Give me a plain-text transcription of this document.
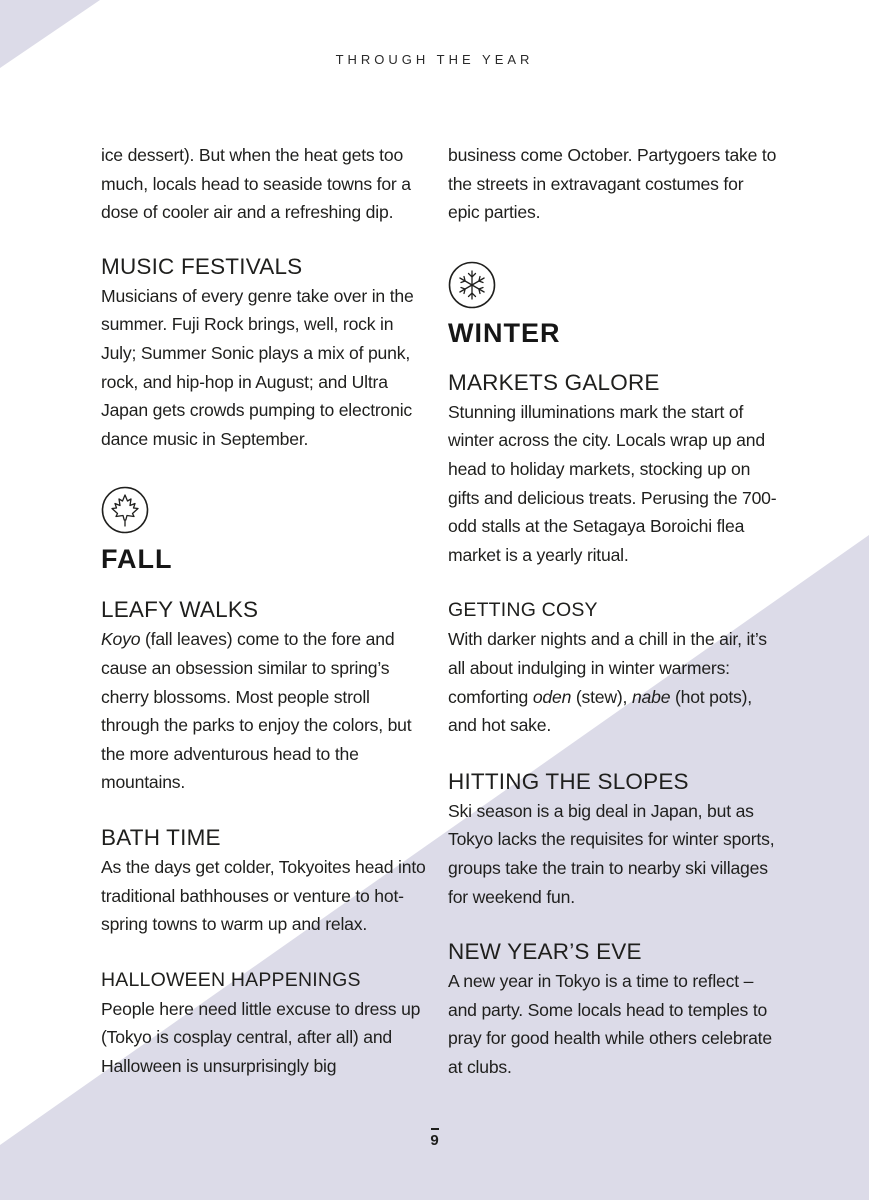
THROUGH THE YEAR

ice dessert). But when the heat gets too much, locals head to seaside towns for a dose of cooler air and a refreshing dip.

MUSIC FESTIVALS

Musicians of every genre take over in the summer. Fuji Rock brings, well, rock in July; Summer Sonic plays a mix of punk, rock, and hip-hop in August; and Ultra Japan gets crowds pumping to electronic dance music in September.

FALL
LEAFY WALKS

Koyo (fall leaves) come to the fore and cause an obsession similar to spring’s cherry blossoms. Most people stroll through the parks to enjoy the colors, but the more adventurous head to the mountains.

BATH TIME

As the days get colder, Tokyoites head into traditional bathhouses or venture to hot-spring towns to warm up and relax.

HALLOWEEN HAPPENINGS

People here need little excuse to dress up (Tokyo is cosplay central, after all) and Halloween is unsurprisingly big

business come October. Partygoers take to the streets in extravagant costumes for epic parties.

WINTER
MARKETS GALORE

Stunning illuminations mark the start of winter across the city. Locals wrap up and head to holiday markets, stocking up on gifts and delicious treats. Perusing the 700-odd stalls at the Setagaya Boroichi flea market is a yearly ritual.

GETTING COSY

With darker nights and a chill in the air, it’s all about indulging in winter warmers: comforting oden (stew), nabe (hot pots), and hot sake.

HITTING THE SLOPES

Ski season is a big deal in Japan, but as Tokyo lacks the requisites for winter sports, groups take the train to nearby ski villages for weekend fun.

NEW YEAR’S EVE

A new year in Tokyo is a time to reflect – and party. Some locals head to temples to pray for good health while others celebrate at clubs.

9
